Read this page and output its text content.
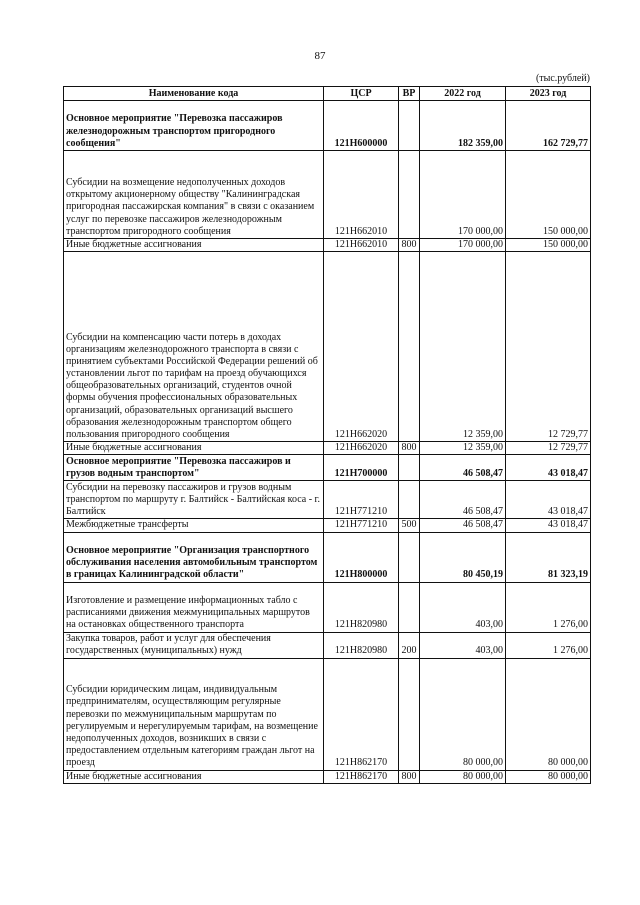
87
(тыс.рублей)
Наименование кода	ЦСР	ВР	2022 год	2023 год
Основное мероприятие "Перевозка пассажиров железнодорожным транспортом пригородного сообщения"	121Н600000		182 359,00	162 729,77
Субсидии на возмещение недополученных доходов открытому акционерному обществу "Калининградская пригородная пассажирская компания" в связи с оказанием услуг по перевозке пассажиров железнодорожным транспортом пригородного сообщения	121Н662010		170 000,00	150 000,00
Иные бюджетные ассигнования	121Н662010	800	170 000,00	150 000,00
Субсидии на компенсацию части потерь в доходах организациям железнодорожного транспорта в связи с принятием субъектами Российской Федерации решений об установлении льгот по тарифам на проезд обучающихся общеобразовательных организаций, студентов очной формы обучения профессиональных образовательных организаций, образовательных организаций высшего образования железнодорожным транспортом общего пользования пригородного сообщения	121Н662020		12 359,00	12 729,77
Иные бюджетные ассигнования	121Н662020	800	12 359,00	12 729,77
Основное мероприятие "Перевозка пассажиров и грузов водным транспортом"	121Н700000		46 508,47	43 018,47
Субсидии на перевозку пассажиров и грузов водным транспортом по маршруту г. Балтийск - Балтийская коса - г. Балтийск	121Н771210		46 508,47	43 018,47
Межбюджетные трансферты	121Н771210	500	46 508,47	43 018,47
Основное мероприятие "Организация транспортного обслуживания населения автомобильным транспортом в границах Калининградской области"	121Н800000		80 450,19	81 323,19
Изготовление и размещение информационных табло с расписаниями движения межмуниципальных маршрутов на остановках общественного транспорта	121Н820980		403,00	1 276,00
Закупка товаров, работ и услуг для обеспечения государственных (муниципальных) нужд	121Н820980	200	403,00	1 276,00
Субсидии юридическим лицам, индивидуальным предпринимателям, осуществляющим регулярные перевозки по межмуниципальным маршрутам по регулируемым и нерегулируемым тарифам, на возмещение недополученных доходов, возникших в связи с предоставлением отдельным категориям граждан льгот на проезд	121Н862170		80 000,00	80 000,00
Иные бюджетные ассигнования	121Н862170	800	80 000,00	80 000,00
